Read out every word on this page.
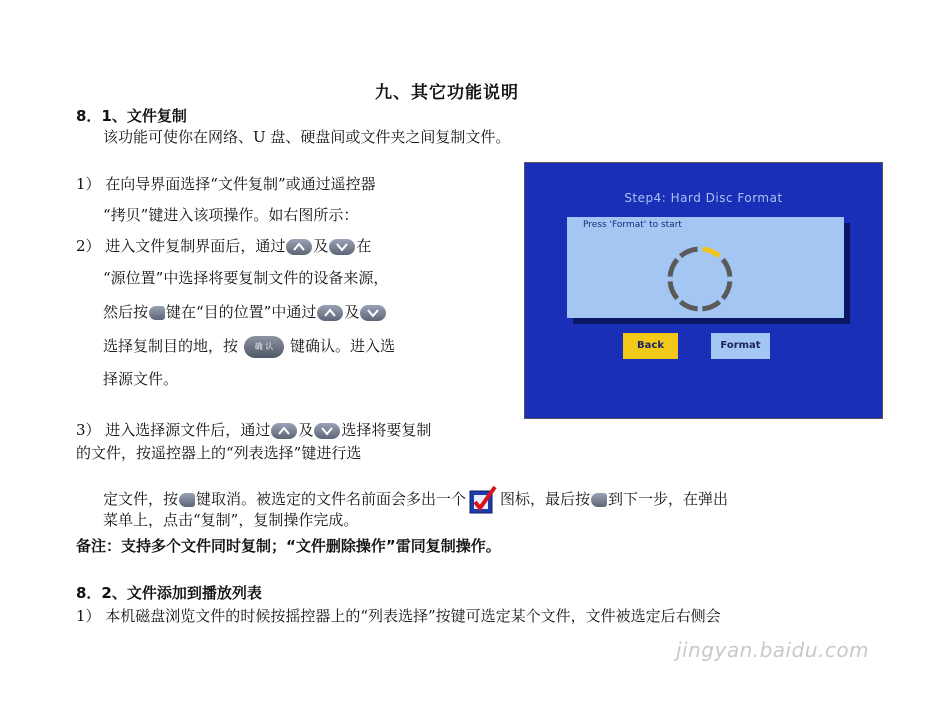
九、其它功能说明
8．1、文件复制
该功能可使你在网络、U 盘、硬盘间或文件夹之间复制文件。
1） 在向导界面选择“文件复制”或通过遥控器
“拷贝”键进入该项操作。如右图所示：
2） 进入文件复制界面后，通过 及 在
“源位置”中选择将要复制文件的设备来源，
然后按 键在“目的位置”中通过 及
选择复制目的地，按 确 认 键确认。进入选
择源文件。
3） 进入选择源文件后，通过 及 选择将要复制
的文件，按遥控器上的“列表选择”键进行选
定文件，按 键取消。被选定的文件名前面会多出一个 图标，最后按 到下一步，在弹出
菜单上，点击“复制”，复制操作完成。
备注：支持多个文件同时复制；“文件删除操作”雷同复制操作。
8．2、文件添加到播放列表
1） 本机磁盘浏览文件的时候按摇控器上的“列表选择”按键可选定某个文件，文件被选定后右侧会
Step4: Hard Disc Format
Press 'Format' to start
Back	Format
jingyan.baidu.com
